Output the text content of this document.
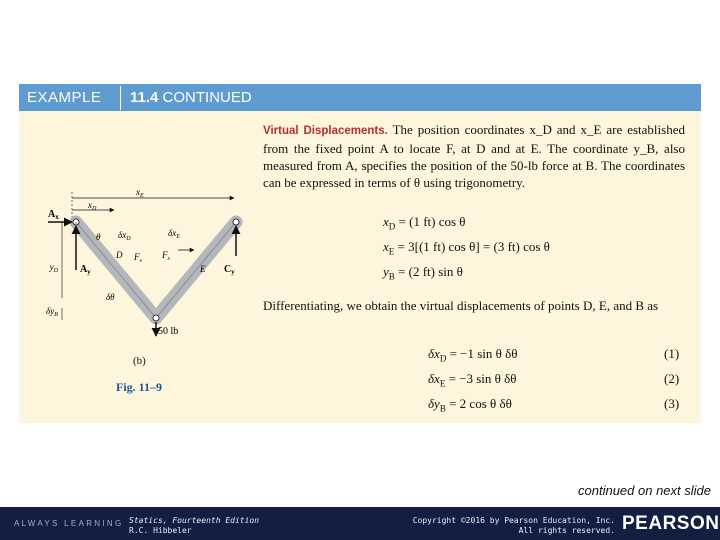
EXAMPLE 11.4 CONTINUED
$x_E$
$x_D$
$A_x$
$A_y$
θ
D $F_s$
$\delta x_D$
$\delta x_E$
$F_s$
E $C_y$
$y_D$
$\delta y_B$
δθ
50 lb
(b)
Fig. 11–9
Virtual Displacements. The position coordinates x_D and x_E are established from the fixed point A to locate F, at D and at E. The coordinate y_B, also measured from A, specifies the position of the 50-lb force at B. The coordinates can be expressed in terms of θ using trigonometry.
$x_D = (1$ ft) cos θ
$x_E = 3[(1$ ft) cos θ] = (3 ft) cos θ
$y_B = (2$ ft) sin θ
Differentiating, we obtain the virtual displacements of points D, E, and B as
$\delta x_D = -1$ sin θ δθ	(1)
$\delta x_E = -3$ sin θ δθ	(2)
$\delta y_B = 2$ cos θ δθ	(3)
continued on next slide
ALWAYS LEARNING Statics, Fourteenth Edition
R.C. Hibbeler
Copyright ©2016 by Pearson Education, Inc.
All rights reserved. PEARSON
